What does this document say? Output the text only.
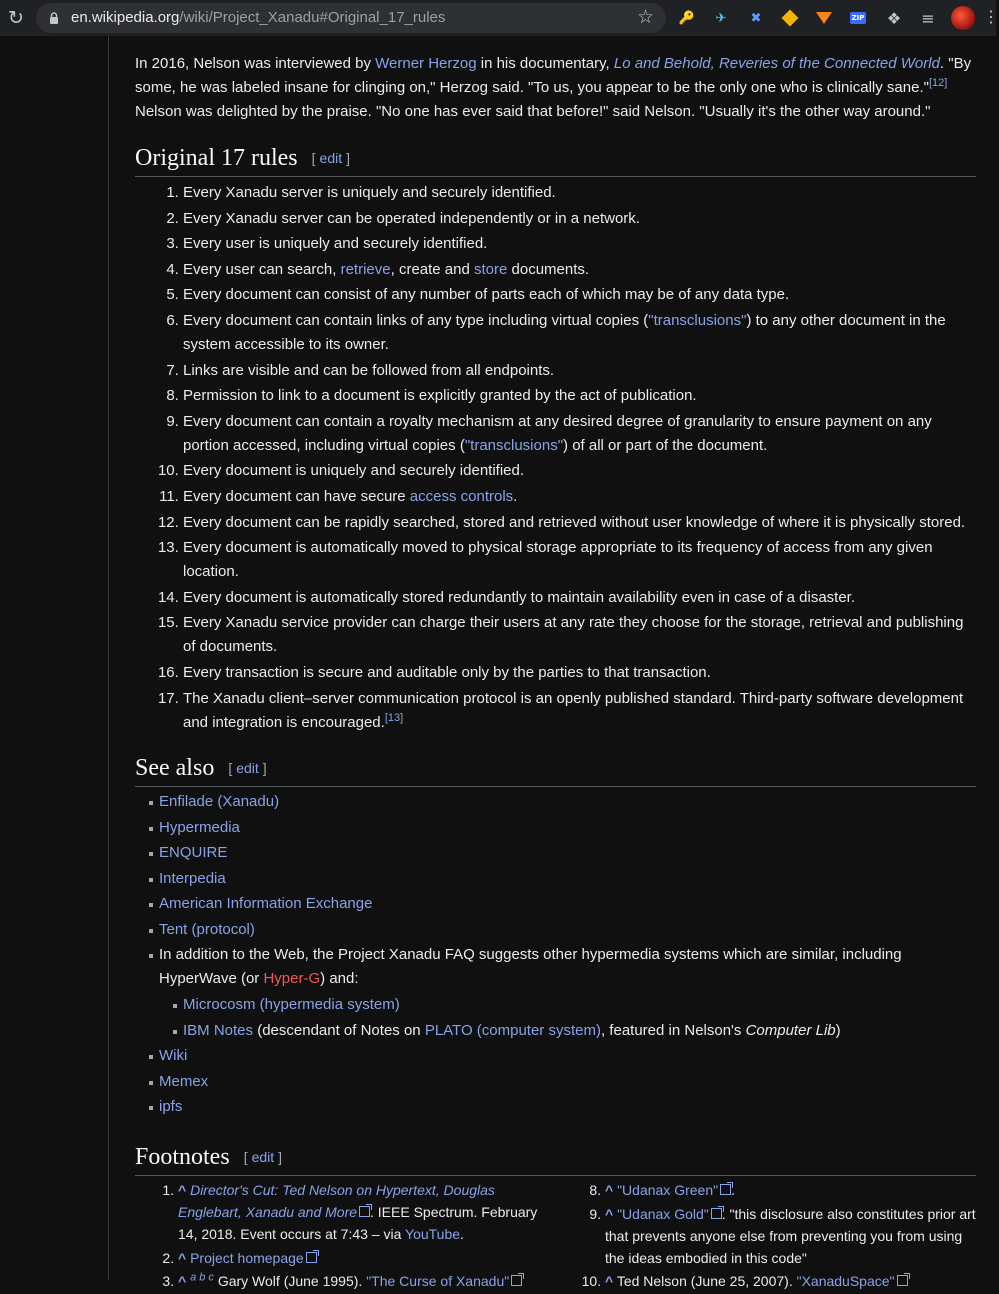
↻	en.wikipedia.org/wiki/Project_Xanadu#Original_17_rules	☆ 🔑	✈	✖	ZIP ❖ ≡	⋮

In 2016, Nelson was interviewed by Werner Herzog in his documentary, Lo and Behold, Reveries of the Connected World. "By some, he was labeled insane for clinging on," Herzog said. "To us, you appear to be the only one who is clinically sane."[12] Nelson was delighted by the praise. "No one has ever said that before!" said Nelson. "Usually it's the other way around."

Original 17 rules [ edit ]
1. Every Xanadu server is uniquely and securely identified.
2. Every Xanadu server can be operated independently or in a network.
3. Every user is uniquely and securely identified.
4. Every user can search, retrieve, create and store documents.
5. Every document can consist of any number of parts each of which may be of any data type.
6. Every document can contain links of any type including virtual copies ("transclusions") to any other document in the system accessible to its owner.
7. Links are visible and can be followed from all endpoints.
8. Permission to link to a document is explicitly granted by the act of publication.
9. Every document can contain a royalty mechanism at any desired degree of granularity to ensure payment on any portion accessed, including virtual copies ("transclusions") of all or part of the document.
10. Every document is uniquely and securely identified.
11. Every document can have secure access controls.
12. Every document can be rapidly searched, stored and retrieved without user knowledge of where it is physically stored.
13. Every document is automatically moved to physical storage appropriate to its frequency of access from any given location.
14. Every document is automatically stored redundantly to maintain availability even in case of a disaster.
15. Every Xanadu service provider can charge their users at any rate they choose for the storage, retrieval and publishing of documents.
16. Every transaction is secure and auditable only by the parties to that transaction.
17. The Xanadu client–server communication protocol is an openly published standard. Third-party software development and integration is encouraged.[13]
See also [ edit ]
Enfilade (Xanadu)
Hypermedia
ENQUIRE
Interpedia
American Information Exchange
Tent (protocol)
In addition to the Web, the Project Xanadu FAQ suggests other hypermedia systems which are similar, including HyperWave (or Hyper-G) and:
Microcosm (hypermedia system)
IBM Notes (descendant of Notes on PLATO (computer system), featured in Nelson's Computer Lib)
Wiki
Memex
ipfs
Footnotes [ edit ]
1. ^ Director's Cut: Ted Nelson on Hypertext, Douglas Englebart, Xanadu and More . IEEE Spectrum. February 14, 2018. Event occurs at 7:43 – via YouTube.
2. ^ Project homepage
3. ^ $^{a b c}$ Gary Wolf (June 1995). "The Curse of Xanadu"
8. ^ "Udanax Green" .
9. ^ "Udanax Gold" . "this disclosure also constitutes prior art that prevents anyone else from preventing you from using the ideas embodied in this code"
10. ^ Ted Nelson (June 25, 2007). "XanaduSpace"
